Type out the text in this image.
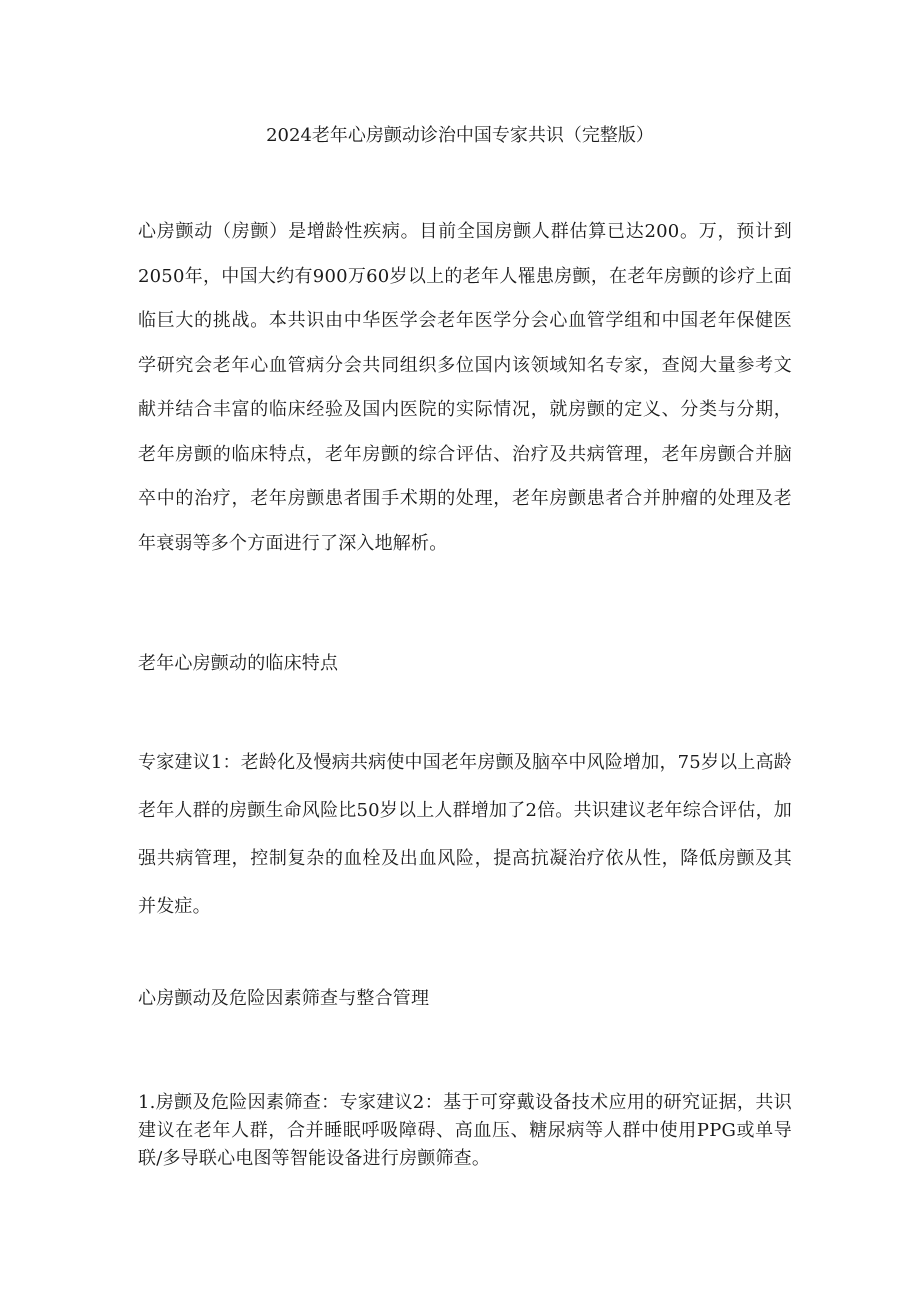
2024老年心房颤动诊治中国专家共识（完整版）

心房颤动（房颤）是增龄性疾病。目前全国房颤人群估算已达200。万，预计到2050年，中国大约有900万60岁以上的老年人罹患房颤，在老年房颤的诊疗上面临巨大的挑战。本共识由中华医学会老年医学分会心血管学组和中国老年保健医学研究会老年心血管病分会共同组织多位国内该领域知名专家，查阅大量参考文献并结合丰富的临床经验及国内医院的实际情况，就房颤的定义、分类与分期，老年房颤的临床特点，老年房颤的综合评估、治疗及共病管理，老年房颤合并脑卒中的治疗，老年房颤患者围手术期的处理，老年房颤患者合并肿瘤的处理及老年衰弱等多个方面进行了深入地解析。

老年心房颤动的临床特点

专家建议1：老龄化及慢病共病使中国老年房颤及脑卒中风险增加，75岁以上高龄老年人群的房颤生命风险比50岁以上人群增加了2倍。共识建议老年综合评估，加强共病管理，控制复杂的血栓及出血风险，提高抗凝治疗依从性，降低房颤及其并发症。

心房颤动及危险因素筛查与整合管理

1.房颤及危险因素筛查：专家建议2：基于可穿戴设备技术应用的研究证据，共识建议在老年人群，合并睡眠呼吸障碍、高血压、糖尿病等人群中使用PPG或单导联/多导联心电图等智能设备进行房颤筛查。
